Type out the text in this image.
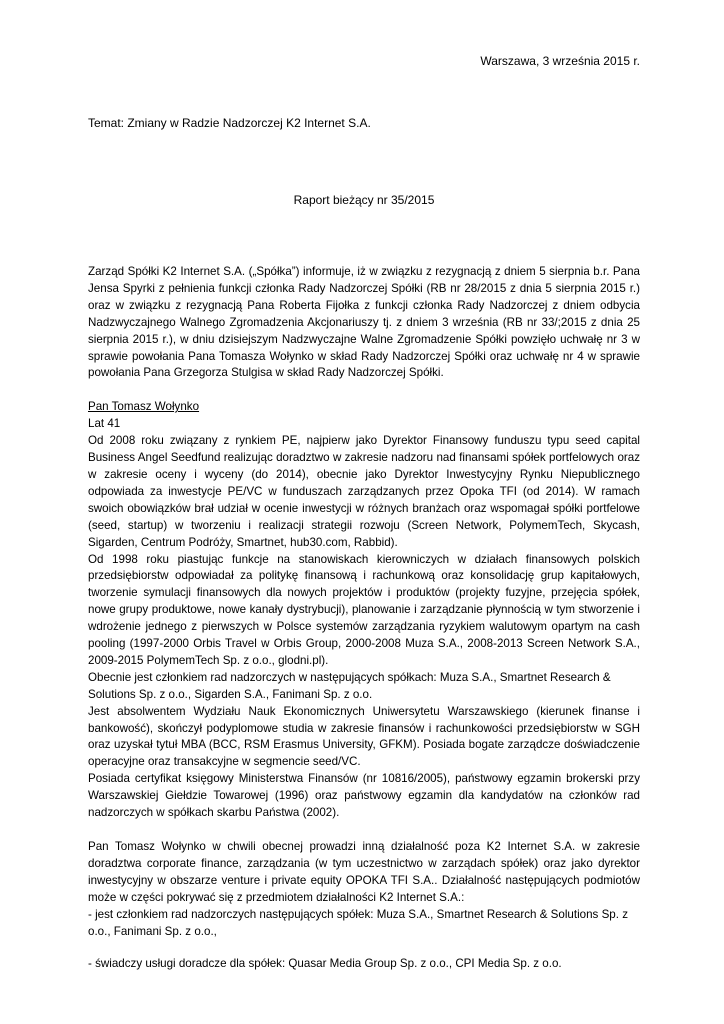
Warszawa, 3 września 2015 r.
Temat: Zmiany w Radzie Nadzorczej K2 Internet S.A.
Raport bieżący nr 35/2015

Zarząd Spółki K2 Internet S.A. („Spółka”) informuje, iż w związku z rezygnacją z dniem 5 sierpnia b.r. Pana Jensa Spyrki z pełnienia funkcji członka Rady Nadzorczej Spółki (RB nr 28/2015 z dnia 5 sierpnia 2015 r.) oraz w związku z rezygnacją Pana Roberta Fijołka z funkcji członka Rady Nadzorczej z dniem odbycia Nadzwyczajnego Walnego Zgromadzenia Akcjonariuszy tj. z dniem 3 września (RB nr 33/;2015 z dnia 25 sierpnia 2015 r.), w dniu dzisiejszym Nadzwyczajne Walne Zgromadzenie Spółki powzięło uchwałę nr 3 w sprawie powołania Pana Tomasza Wołynko w skład Rady Nadzorczej Spółki oraz uchwałę nr 4 w sprawie powołania Pana Grzegorza Stulgisa w skład Rady Nadzorczej Spółki.

Pan Tomasz Wołynko

Lat 41

Od 2008 roku związany z rynkiem PE, najpierw jako Dyrektor Finansowy funduszu typu seed capital Business Angel Seedfund realizując doradztwo w zakresie nadzoru nad finansami spółek portfelowych oraz w zakresie oceny i wyceny (do 2014), obecnie jako Dyrektor Inwestycyjny Rynku Niepublicznego odpowiada za inwestycje PE/VC w funduszach zarządzanych przez Opoka TFI (od 2014). W ramach swoich obowiązków brał udział w ocenie inwestycji w różnych branżach oraz wspomagał spółki portfelowe (seed, startup) w tworzeniu i realizacji strategii rozwoju (Screen Network, PolymemTech, Skycash, Sigarden, Centrum Podróży, Smartnet, hub30.com, Rabbid).

Od 1998 roku piastując funkcje na stanowiskach kierowniczych w działach finansowych polskich przedsiębiorstw odpowiadał za politykę finansową i rachunkową oraz konsolidację grup kapitałowych, tworzenie symulacji finansowych dla nowych projektów i produktów (projekty fuzyjne, przejęcia spółek, nowe grupy produktowe, nowe kanały dystrybucji), planowanie i zarządzanie płynnością w tym stworzenie i wdrożenie jednego z pierwszych w Polsce systemów zarządzania ryzykiem walutowym opartym na cash pooling (1997-2000 Orbis Travel w Orbis Group, 2000-2008 Muza S.A., 2008-2013 Screen Network S.A., 2009-2015 PolymemTech Sp. z o.o., glodni.pl).

Obecnie jest członkiem rad nadzorczych w następujących spółkach: Muza S.A., Smartnet Research & Solutions Sp. z o.o., Sigarden S.A., Fanimani Sp. z o.o.

Jest absolwentem Wydziału Nauk Ekonomicznych Uniwersytetu Warszawskiego (kierunek finanse i bankowość), skończył podyplomowe studia w zakresie finansów i rachunkowości przedsiębiorstw w SGH oraz uzyskał tytuł MBA (BCC, RSM Erasmus University, GFKM). Posiada bogate zarządcze doświadczenie operacyjne oraz transakcyjne w segmencie seed/VC.

Posiada certyfikat księgowy Ministerstwa Finansów (nr 10816/2005), państwowy egzamin brokerski przy Warszawskiej Giełdzie Towarowej (1996) oraz państwowy egzamin dla kandydatów na członków rad nadzorczych w spółkach skarbu Państwa (2002).

Pan Tomasz Wołynko w chwili obecnej prowadzi inną działalność poza K2 Internet S.A. w zakresie doradztwa corporate finance, zarządzania (w tym uczestnictwo w zarządach spółek) oraz jako dyrektor inwestycyjny w obszarze venture i private equity OPOKA TFI S.A.. Działalność następujących podmiotów może w części pokrywać się z przedmiotem działalności K2 Internet S.A.:

- jest członkiem rad nadzorczych następujących spółek: Muza S.A., Smartnet Research & Solutions Sp. z o.o., Fanimani Sp. z o.o.,

- świadczy usługi doradcze dla spółek: Quasar Media Group Sp. z o.o., CPI Media Sp. z o.o.
